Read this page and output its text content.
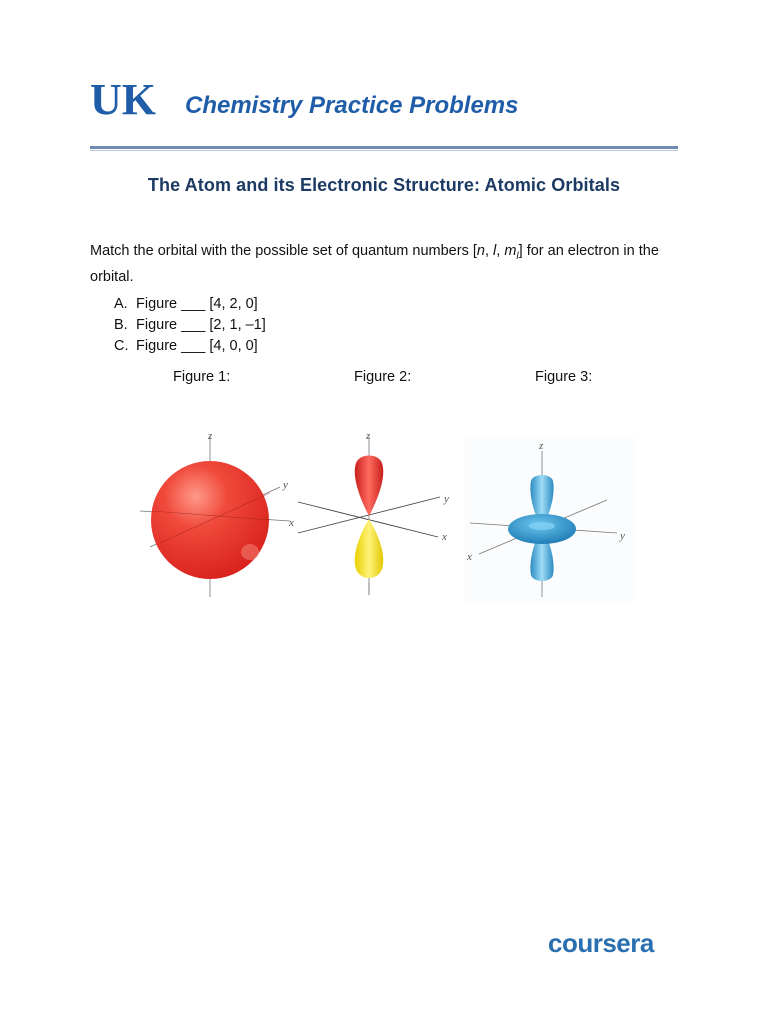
UK Chemistry Practice Problems
The Atom and its Electronic Structure: Atomic Orbitals
Match the orbital with the possible set of quantum numbers [n, l, $m_l$] for an electron in the orbital.
A. Figure ___ [4, 2, 0]
B. Figure ___ [2, 1, –1]
C. Figure ___ [4, 0, 0]
Figure 1:	Figure 2:	Figure 3:
z
y
x
z
y
x
z
y
x
coursera
